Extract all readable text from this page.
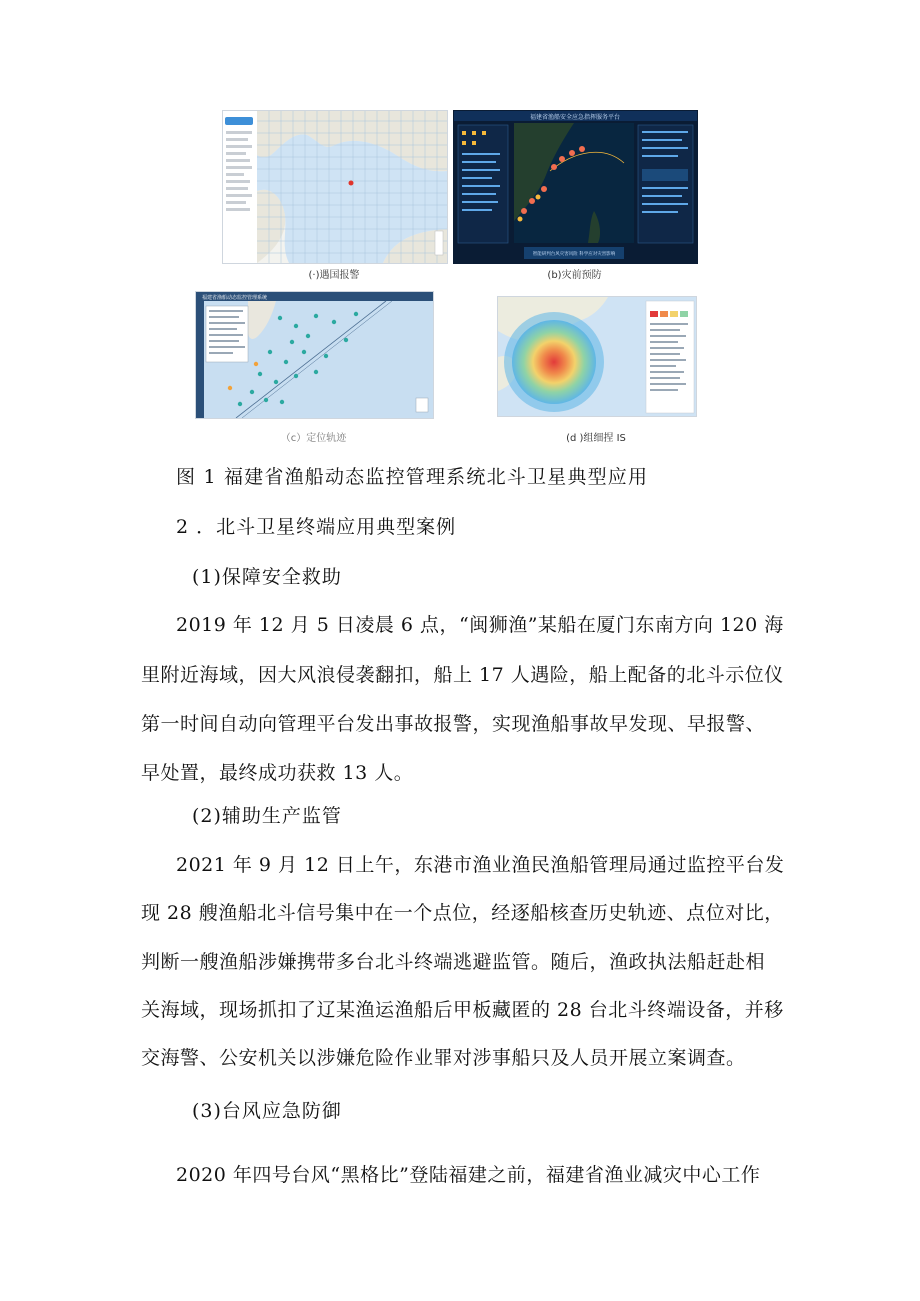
(·)遇国报警
福建省渔船安全应急指挥服务平台
智能研判台风灾害风险 科学应对灾害影响
(b)灾前预防
福建省渔船动态监控管理系统
（c）定位轨迹	(d )组细捏 IS
图 1 福建省渔船动态监控管理系统北斗卫星典型应用
2 ．北斗卫星终端应用典型案例
(1)保障安全救助
2019 年 12 月 5 日凌晨 6 点，“闽狮渔”某船在厦门东南方向 120 海
里附近海域，因大风浪侵袭翻扣，船上 17 人遇险，船上配备的北斗示位仪
第一时间自动向管理平台发出事故报警，实现渔船事故早发现、早报警、
早处置，最终成功获救 13 人。
(2)辅助生产监管
2021 年 9 月 12 日上午，东港市渔业渔民渔船管理局通过监控平台发
现 28 艘渔船北斗信号集中在一个点位，经逐船核查历史轨迹、点位对比，
判断一艘渔船涉嫌携带多台北斗终端逃避监管。随后，渔政执法船赶赴相
关海域，现场抓扣了辽某渔运渔船后甲板藏匿的 28 台北斗终端设备，并移
交海警、公安机关以涉嫌危险作业罪对涉事船只及人员开展立案调查。
(3)台风应急防御
2020 年四号台风“黑格比”登陆福建之前，福建省渔业减灾中心工作
